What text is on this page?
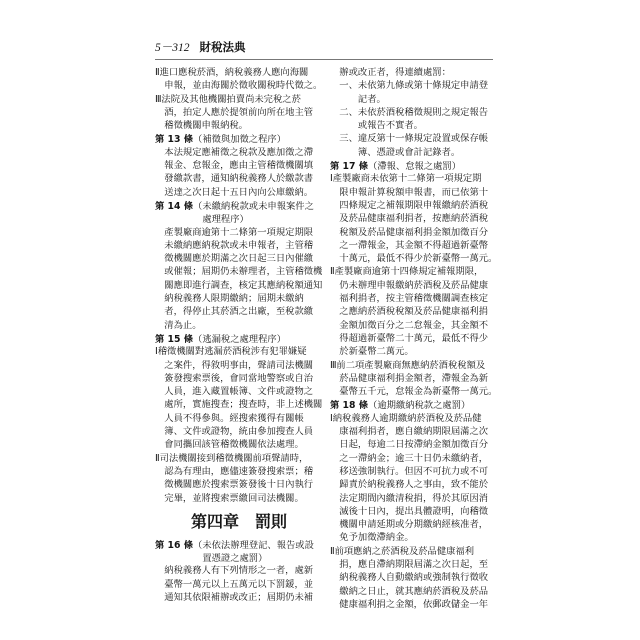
5－312 財稅法典
Ⅱ進口應稅菸酒，納稅義務人應向海關
申報，並由海關於徵收關稅時代徵之。
Ⅲ法院及其他機關拍賣尚未完稅之菸
酒，拍定人應於提領前向所在地主管
稽徵機關申報納稅。
第 13 條 （補徵與加徵之程序）
本法規定應補徵之稅款及應加徵之滯
報金、怠報金，應由主管稽徵機關填
發繳款書，通知納稅義務人於繳款書
送達之次日起十五日內向公庫繳納。
第 14 條 （未繳納稅款或未申報案件之
處理程序）
產製廠商逾第十二條第一項規定期限
未繳納應納稅款或未申報者，主管稽
徵機關應於期滿之次日起三日內催繳
或催報；屆期仍未辦理者，主管稽徵機
關應即進行調查，核定其應納稅額通知
納稅義務人限期繳納；屆期未繳納
者，得停止其菸酒之出廠，至稅款繳
清為止。
第 15 條 （逃漏稅之處理程序）
Ⅰ稽徵機關對逃漏菸酒稅涉有犯罪嫌疑
之案件，得敘明事由，聲請司法機關
簽發搜索票後，會同當地警察或自治
人員，進入藏置帳簿、文件或證物之
處所，實施搜查；搜查時，非上述機關
人員不得參與。經搜索獲得有關帳
簿、文件或證物，統由參加搜查人員
會同攜回該管稽徵機關依法處理。
Ⅱ司法機關接到稽徵機關前項聲請時，
認為有理由，應儘速簽發搜索票；稽
徵機關應於搜索票簽發後十日內執行
完畢，並將搜索票繳回司法機關。
第四章　罰則
第 16 條 （未依法辦理登記、報告或設
置憑證之處罰）
納稅義務人有下列情形之一者，處新
臺幣一萬元以上五萬元以下罰鍰，並
通知其依限補辦或改正；屆期仍未補
辦或改正者，得連續處罰：
一、未依第九條或第十條規定申請登
記者。
二、未依菸酒稅稽徵規則之規定報告
或報告不實者。
三、違反第十一條規定設置或保存帳
簿、憑證或會計記錄者。
第 17 條 （滯報、怠報之處罰）
Ⅰ產製廠商未依第十二條第一項規定期
限申報計算稅額申報書，而已依第十
四條規定之補報期限申報繳納菸酒稅
及菸品健康福利捐者，按應納菸酒稅
稅額及菸品健康福利捐金額加徵百分
之一滯報金，其金額不得超過新臺幣
十萬元，最低不得少於新臺幣一萬元。
Ⅱ產製廠商逾第十四條規定補報期限，
仍未辦理申報繳納菸酒稅及菸品健康
福利捐者，按主管稽徵機關調查核定
之應納菸酒稅稅額及菸品健康福利捐
金額加徵百分之二怠報金，其金額不
得超過新臺幣二十萬元，最低不得少
於新臺幣二萬元。
Ⅲ前二項產製廠商無應納菸酒稅稅額及
菸品健康福利捐金額者，滯報金為新
臺幣五千元，怠報金為新臺幣一萬元。
第 18 條 （逾期繳納稅款之處罰）
Ⅰ納稅義務人逾期繳納菸酒稅及菸品健
康福利捐者，應自繳納期限屆滿之次
日起，每逾二日按滯納金額加徵百分
之一滯納金；逾三十日仍未繳納者，
移送強制執行。但因不可抗力或不可
歸責於納稅義務人之事由，致不能於
法定期間內繳清稅捐，得於其原因消
滅後十日內，提出具體證明，向稽徵
機關申請延期或分期繳納經核准者，
免予加徵滯納金。
Ⅱ前項應納之菸酒稅及菸品健康福利
捐，應自滯納期限屆滿之次日起，至
納稅義務人自動繳納或強制執行徵收
繳納之日止，就其應納菸酒稅及菸品
健康福利捐之金額，依郵政儲金一年
